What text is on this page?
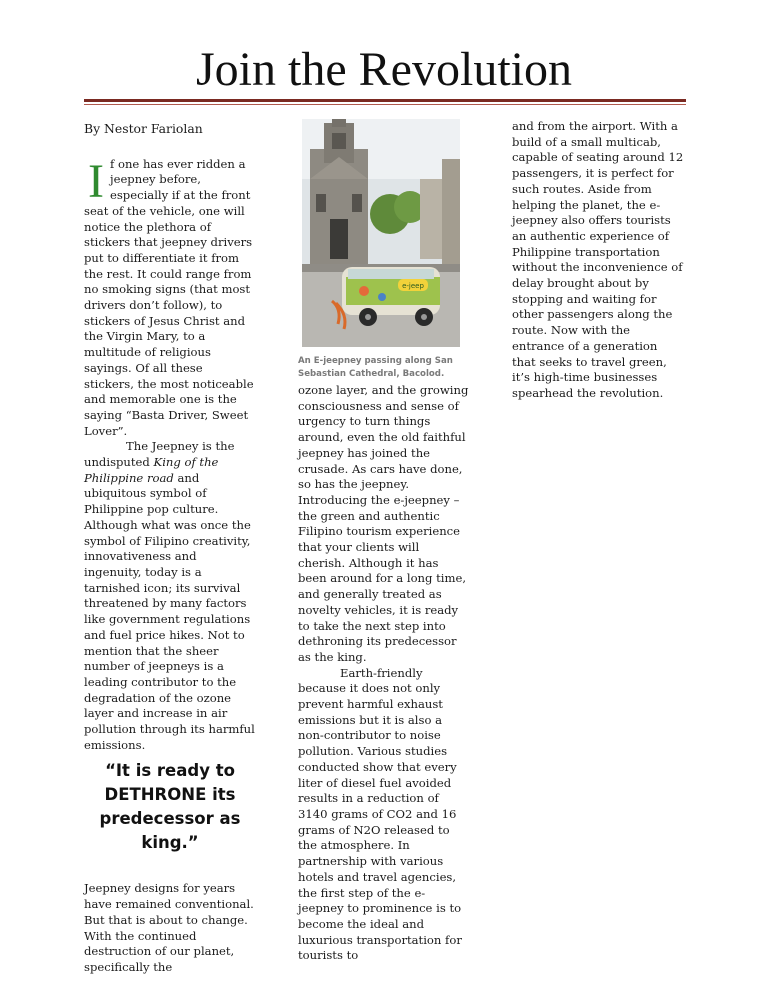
Join the Revolution

By Nestor Fariolan

If one has ever ridden a jeepney before, especially if at the front seat of the vehicle, one will notice the plethora of stickers that jeepney drivers put to differentiate it from the rest. It could range from no smoking signs (that most drivers don’t follow), to stickers of Jesus Christ and the Virgin Mary, to a multitude of religious sayings. Of all these stickers, the most noticeable and memorable one is the saying “Basta Driver, Sweet Lover”.

The Jeepney is the undisputed King of the Philippine road and ubiquitous symbol of Philippine pop culture. Although what was once the symbol of Filipino creativity, innovativeness and ingenuity, today is a tarnished icon; its survival threatened by many factors like government regulations and fuel price hikes. Not to mention that the sheer number of jeepneys is a leading contributor to the degradation of the ozone layer and increase in air pollution through its harmful emissions.

“It is ready to DETHRONE its predecessor as king.”

Jeepney designs for years have remained conventional. But that is about to change. With the continued destruction of our planet, specifically the

e-jeep
An E-jeepney passing along San Sebastian Cathedral, Bacolod.

ozone layer, and the growing consciousness and sense of urgency to turn things around, even the old faithful jeepney has joined the crusade. As cars have done, so has the jeepney. Introducing the e-jeepney – the green and authentic Filipino tourism experience that your clients will cherish. Although it has been around for a long time, and generally treated as novelty vehicles, it is ready to take the next step into dethroning its predecessor as the king.

Earth-friendly because it does not only prevent harmful exhaust emissions but it is also a non-contributor to noise pollution. Various studies conducted show that every liter of diesel fuel avoided results in a reduction of 3140 grams of CO2 and 16 grams of N2O released to the atmosphere. In partnership with various hotels and travel agencies, the first step of the e-jeepney to prominence is to become the ideal and luxurious transportation for tourists to

and from the airport. With a build of a small multicab, capable of seating around 12 passengers, it is perfect for such routes. Aside from helping the planet, the e-jeepney also offers tourists an authentic experience of Philippine transportation without the inconvenience of delay brought about by stopping and waiting for other passengers along the route. Now with the entrance of a generation that seeks to travel green, it’s high-time businesses spearhead the revolution.
